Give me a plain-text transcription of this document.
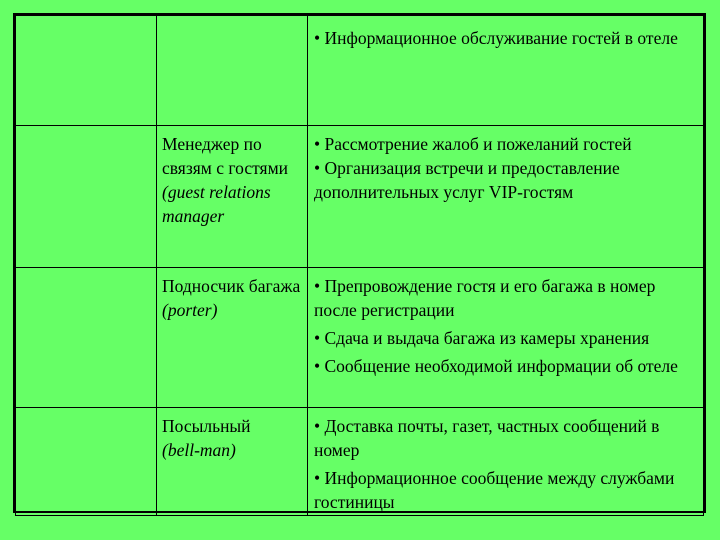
		• Информационное обслуживание гостей в отеле

	Менеджер по связям с гостями (guest relations manager	• Рассмотрение жалоб и пожеланий гостей
• Организация встречи и предоставление дополнительных услуг VIP-гостям

	Подносчик багажа (porter)	• Препровождение гостя и его багажа в номер после регистрации
• Сдача и выдача багажа из камеры хранения
• Сообщение необходимой информации об отеле

	Посыльный
(bell-man)	• Доставка почты, газет, частных сообщений в номер
• Информационное сообщение между службами гостиницы
